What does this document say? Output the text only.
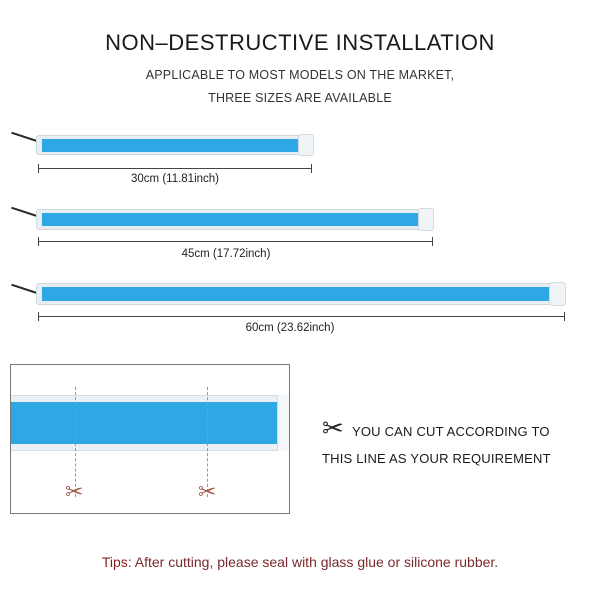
NON–DESTRUCTIVE INSTALLATION
APPLICABLE TO MOST MODELS ON THE MARKET,
THREE SIZES ARE AVAILABLE
30cm (11.81inch)
45cm (17.72inch)
60cm (23.62inch)
✂	✂
✂ YOU CAN CUT ACCORDING TO
THIS LINE AS YOUR REQUIREMENT
Tips: After cutting, please seal with glass glue or silicone rubber.
